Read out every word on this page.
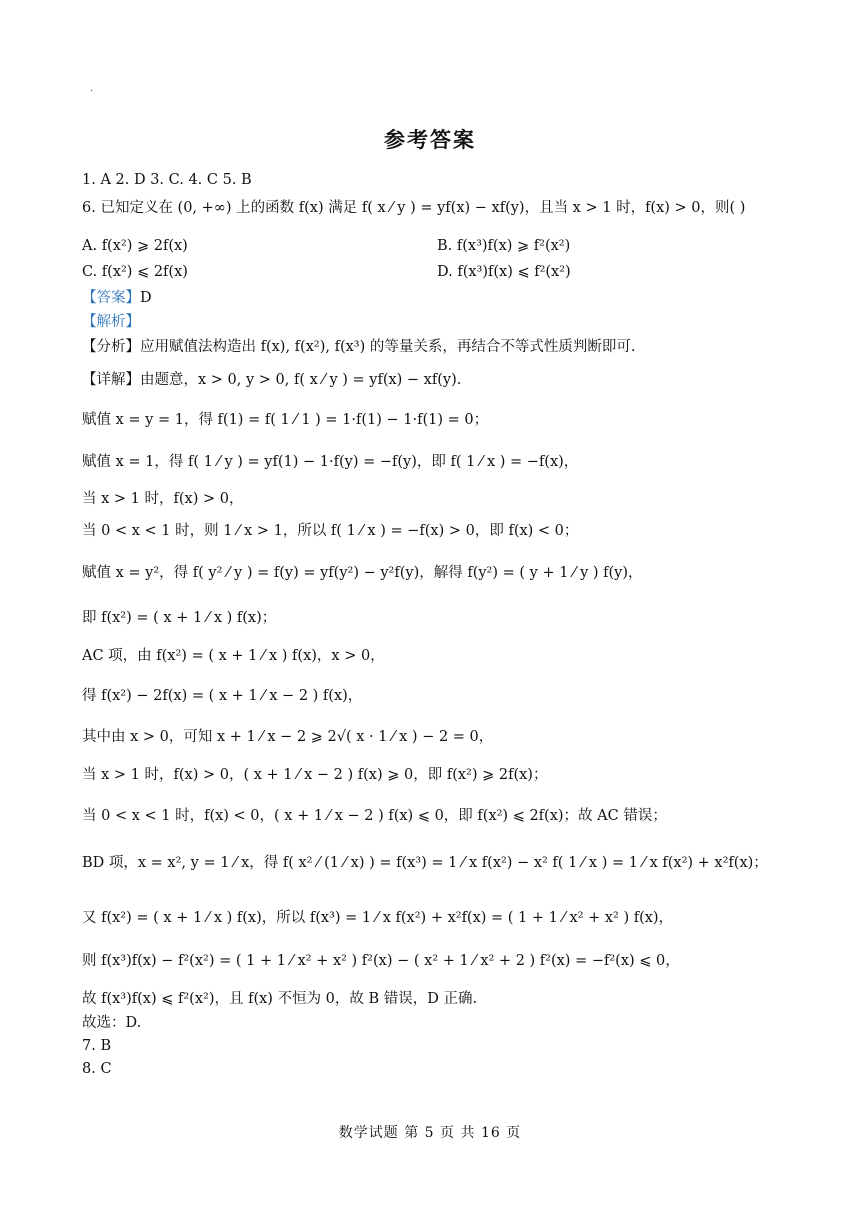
·
参考答案
1. A 2. D 3. C. 4. C 5. B
6. 已知定义在 (0, +∞) 上的函数 f(x) 满足 f( x ⁄ y ) = yf(x) − xf(y)，且当 x > 1 时，f(x) > 0，则( )
A. f(x²) ⩾ 2f(x)	B. f(x³)f(x) ⩾ f²(x²)
C. f(x²) ⩽ 2f(x)	D. f(x³)f(x) ⩽ f²(x²)
【答案】D
【解析】
【分析】应用赋值法构造出 f(x), f(x²), f(x³) 的等量关系，再结合不等式性质判断即可.
【详解】由题意，x > 0, y > 0, f( x ⁄ y ) = yf(x) − xf(y).
赋值 x = y = 1，得 f(1) = f( 1 ⁄ 1 ) = 1·f(1) − 1·f(1) = 0；
赋值 x = 1，得 f( 1 ⁄ y ) = yf(1) − 1·f(y) = −f(y)，即 f( 1 ⁄ x ) = −f(x)，
当 x > 1 时，f(x) > 0，
当 0 < x < 1 时，则 1 ⁄ x > 1，所以 f( 1 ⁄ x ) = −f(x) > 0，即 f(x) < 0；
赋值 x = y²，得 f( y² ⁄ y ) = f(y) = yf(y²) − y²f(y)，解得 f(y²) = ( y + 1 ⁄ y ) f(y)，
即 f(x²) = ( x + 1 ⁄ x ) f(x)；
AC 项，由 f(x²) = ( x + 1 ⁄ x ) f(x)，x > 0，
得 f(x²) − 2f(x) = ( x + 1 ⁄ x − 2 ) f(x)，
其中由 x > 0，可知 x + 1 ⁄ x − 2 ⩾ 2√( x · 1 ⁄ x ) − 2 = 0，
当 x > 1 时，f(x) > 0，( x + 1 ⁄ x − 2 ) f(x) ⩾ 0，即 f(x²) ⩾ 2f(x)；
当 0 < x < 1 时，f(x) < 0，( x + 1 ⁄ x − 2 ) f(x) ⩽ 0，即 f(x²) ⩽ 2f(x)；故 AC 错误；
BD 项，x = x², y = 1 ⁄ x，得 f( x² ⁄ (1 ⁄ x) ) = f(x³) = 1 ⁄ x f(x²) − x² f( 1 ⁄ x ) = 1 ⁄ x f(x²) + x²f(x)；
又 f(x²) = ( x + 1 ⁄ x ) f(x)，所以 f(x³) = 1 ⁄ x f(x²) + x²f(x) = ( 1 + 1 ⁄ x² + x² ) f(x)，
则 f(x³)f(x) − f²(x²) = ( 1 + 1 ⁄ x² + x² ) f²(x) − ( x² + 1 ⁄ x² + 2 ) f²(x) = −f²(x) ⩽ 0，
故 f(x³)f(x) ⩽ f²(x²)，且 f(x) 不恒为 0，故 B 错误，D 正确.
故选：D.
7. B
8. C
数学试题 第 5 页 共 16 页
